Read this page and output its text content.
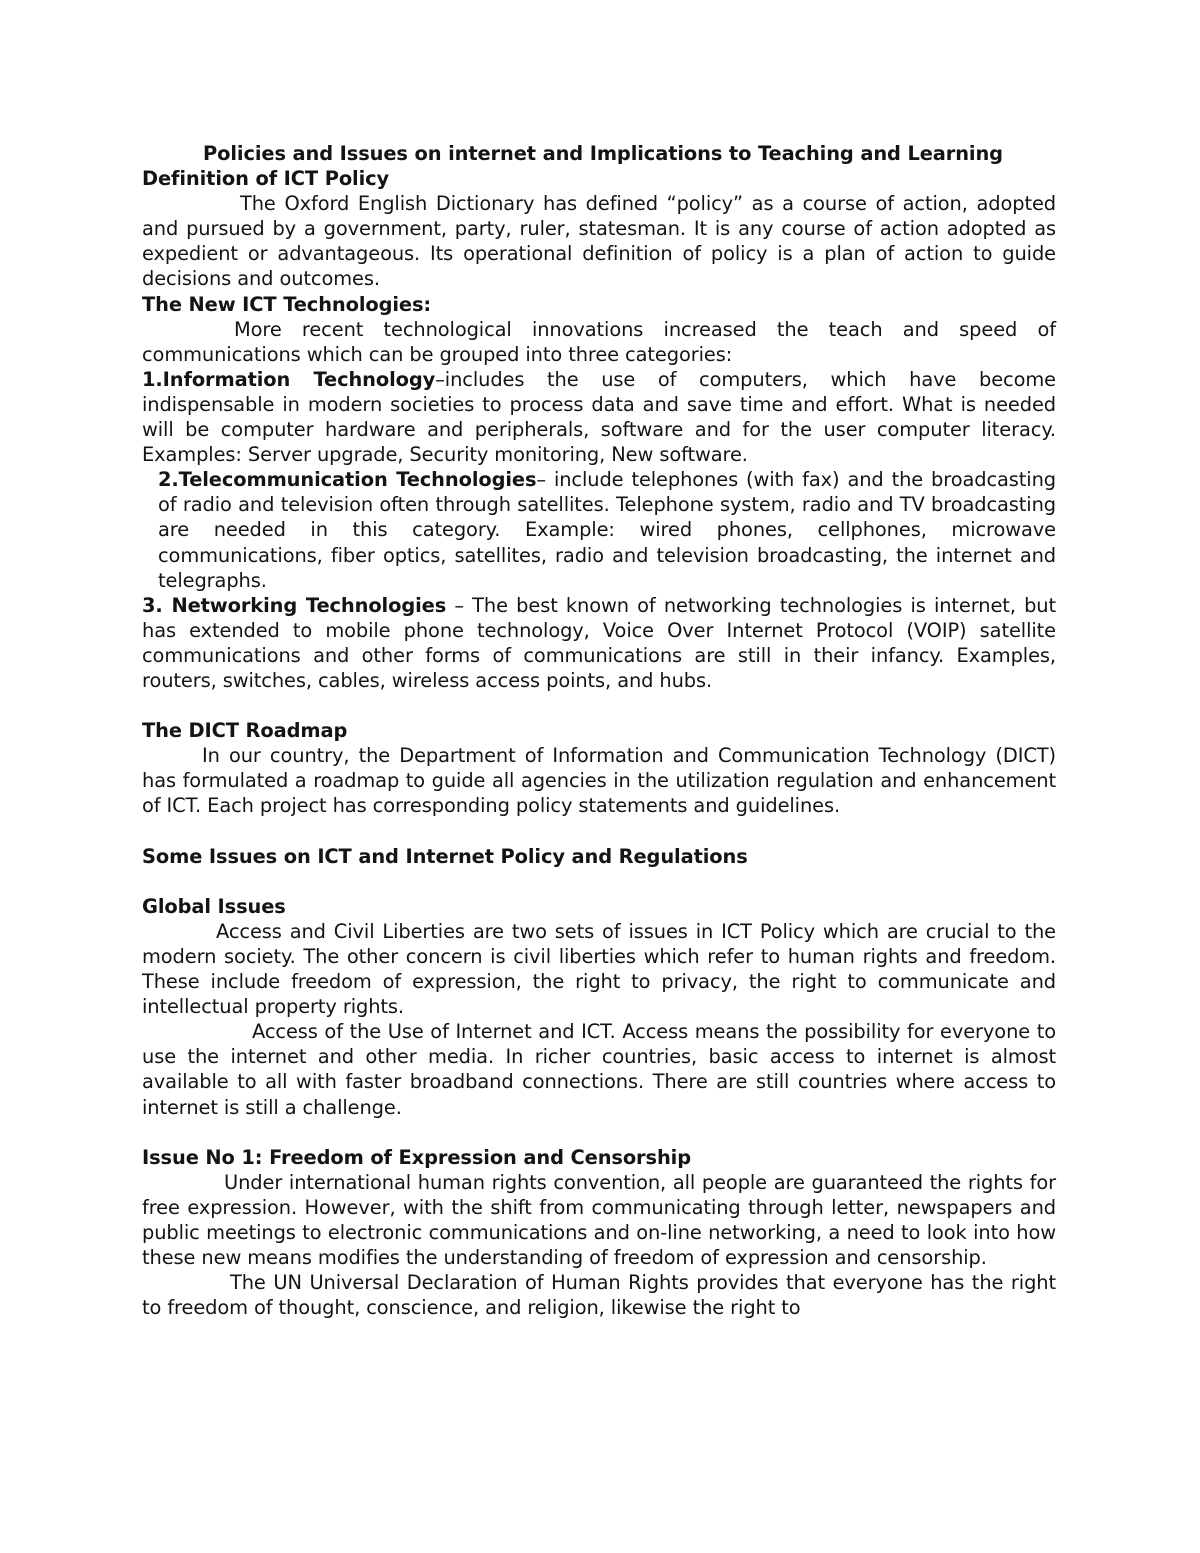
Policies and Issues on internet and Implications to Teaching and Learning

Definition of ICT Policy

The Oxford English Dictionary has defined “policy” as a course of action, adopted and pursued by a government, party, ruler, statesman. It is any course of action adopted as expedient or advantageous. Its operational definition of policy is a plan of action to guide decisions and outcomes.

The New ICT Technologies:

More recent technological innovations increased the teach and speed of communications which can be grouped into three categories:

1.Information Technology–includes the use of computers, which have become indispensable in modern societies to process data and save time and effort. What is needed will be computer hardware and peripherals, software and for the user computer literacy. Examples: Server upgrade, Security monitoring, New software.

2.Telecommunication Technologies– include telephones (with fax) and the broadcasting of radio and television often through satellites. Telephone system, radio and TV broadcasting are needed in this category. Example: wired phones, cellphones, microwave communications, fiber optics, satellites, radio and television broadcasting, the internet and telegraphs.

3. Networking Technologies – The best known of networking technologies is internet, but has extended to mobile phone technology, Voice Over Internet Protocol (VOIP) satellite communications and other forms of communications are still in their infancy. Examples, routers, switches, cables, wireless access points, and hubs.

The DICT Roadmap

In our country, the Department of Information and Communication Technology (DICT) has formulated a roadmap to guide all agencies in the utilization regulation and enhancement of ICT. Each project has corresponding policy statements and guidelines.

Some Issues on ICT and Internet Policy and Regulations

Global Issues

Access and Civil Liberties are two sets of issues in ICT Policy which are crucial to the modern society. The other concern is civil liberties which refer to human rights and freedom. These include freedom of expression, the right to privacy, the right to communicate and intellectual property rights.

Access of the Use of Internet and ICT. Access means the possibility for everyone to use the internet and other media. In richer countries, basic access to internet is almost available to all with faster broadband connections. There are still countries where access to internet is still a challenge.

Issue No 1: Freedom of Expression and Censorship

Under international human rights convention, all people are guaranteed the rights for free expression. However, with the shift from communicating through letter, newspapers and public meetings to electronic communications and on-line networking, a need to look into how these new means modifies the understanding of freedom of expression and censorship.

The UN Universal Declaration of Human Rights provides that everyone has the right to freedom of thought, conscience, and religion, likewise the right to
